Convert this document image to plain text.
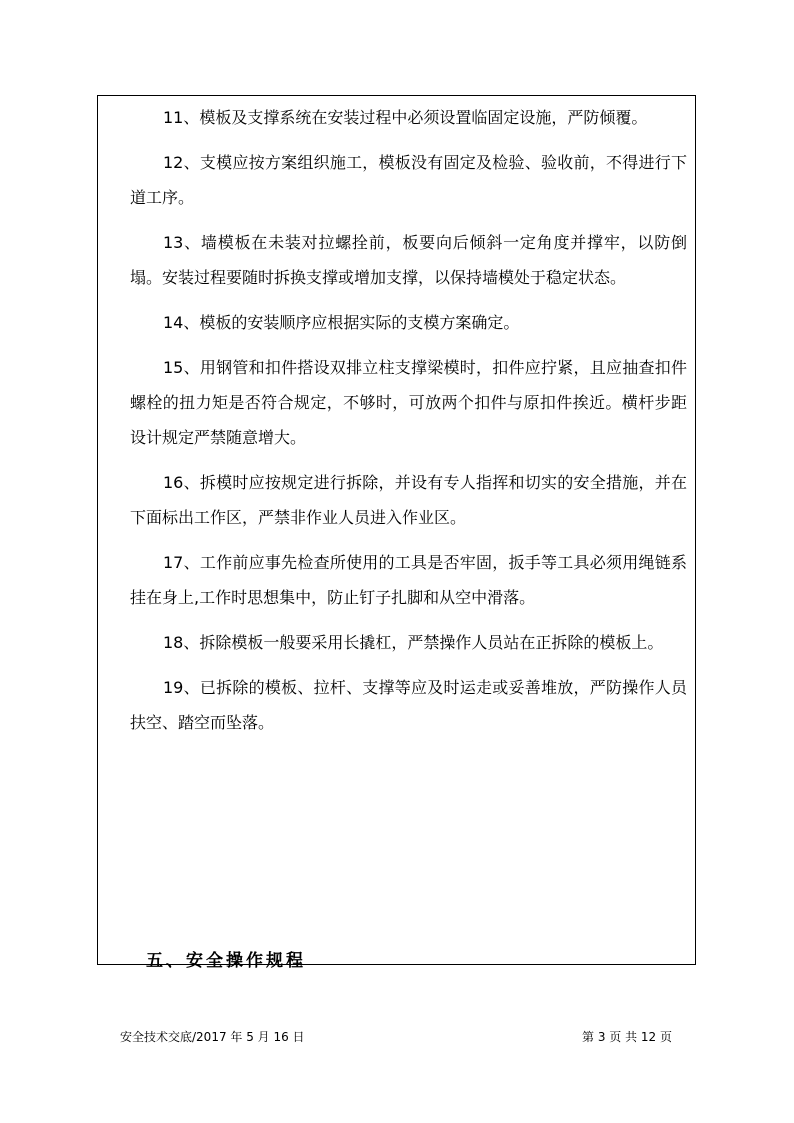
11、模板及支撑系统在安装过程中必须设置临固定设施，严防倾覆。

12、支模应按方案组织施工，模板没有固定及检验、验收前，不得进行下道工序。

13、墙模板在未装对拉螺拴前，板要向后倾斜一定角度并撑牢，以防倒塌。安装过程要随时拆换支撑或增加支撑，以保持墙模处于稳定状态。

14、模板的安装顺序应根据实际的支模方案确定。

15、用钢管和扣件搭设双排立柱支撑梁模时，扣件应拧紧，且应抽查扣件螺栓的扭力矩是否符合规定，不够时，可放两个扣件与原扣件挨近。横杆步距设计规定严禁随意增大。

16、拆模时应按规定进行拆除，并设有专人指挥和切实的安全措施，并在下面标出工作区，严禁非作业人员进入作业区。

17、工作前应事先检查所使用的工具是否牢固，扳手等工具必须用绳链系挂在身上,工作时思想集中，防止钉子扎脚和从空中滑落。

18、拆除模板一般要采用长撬杠，严禁操作人员站在正拆除的模板上。

19、已拆除的模板、拉杆、支撑等应及时运走或妥善堆放，严防操作人员扶空、踏空而坠落。

五、安全操作规程
安全技术交底/2017 年 5 月 16 日	第 3 页 共 12 页
